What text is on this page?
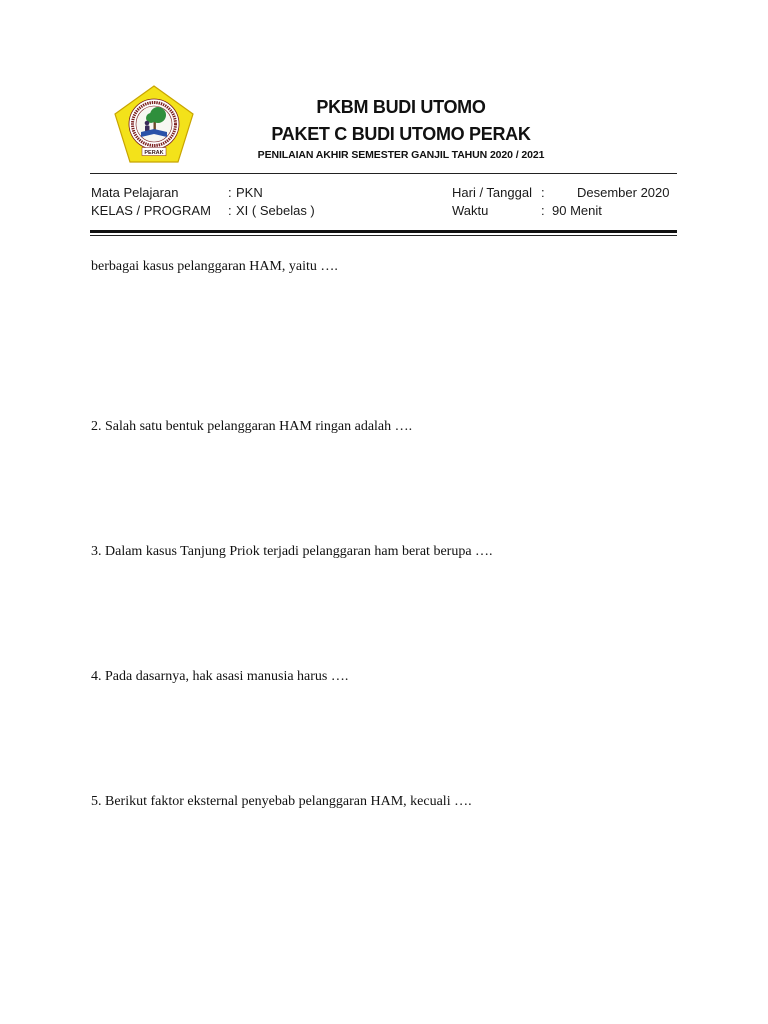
PERAK
PKBM BUDI UTOMO
PAKET C BUDI UTOMO PERAK
PENILAIAN AKHIR SEMESTER GANJIL TAHUN 2020 / 2021
Mata Pelajaran	: PKN	Hari / Tanggal : Desember 2020
KELAS / PROGRAM : XI ( Sebelas )	Waktu	: 90 Menit

berbagai kasus pelanggaran HAM, yaitu ….

2. Salah satu bentuk pelanggaran HAM ringan adalah ….

3. Dalam kasus Tanjung Priok terjadi pelanggaran ham berat berupa ….

4. Pada dasarnya, hak asasi manusia harus ….

5. Berikut faktor eksternal penyebab pelanggaran HAM, kecuali ….
